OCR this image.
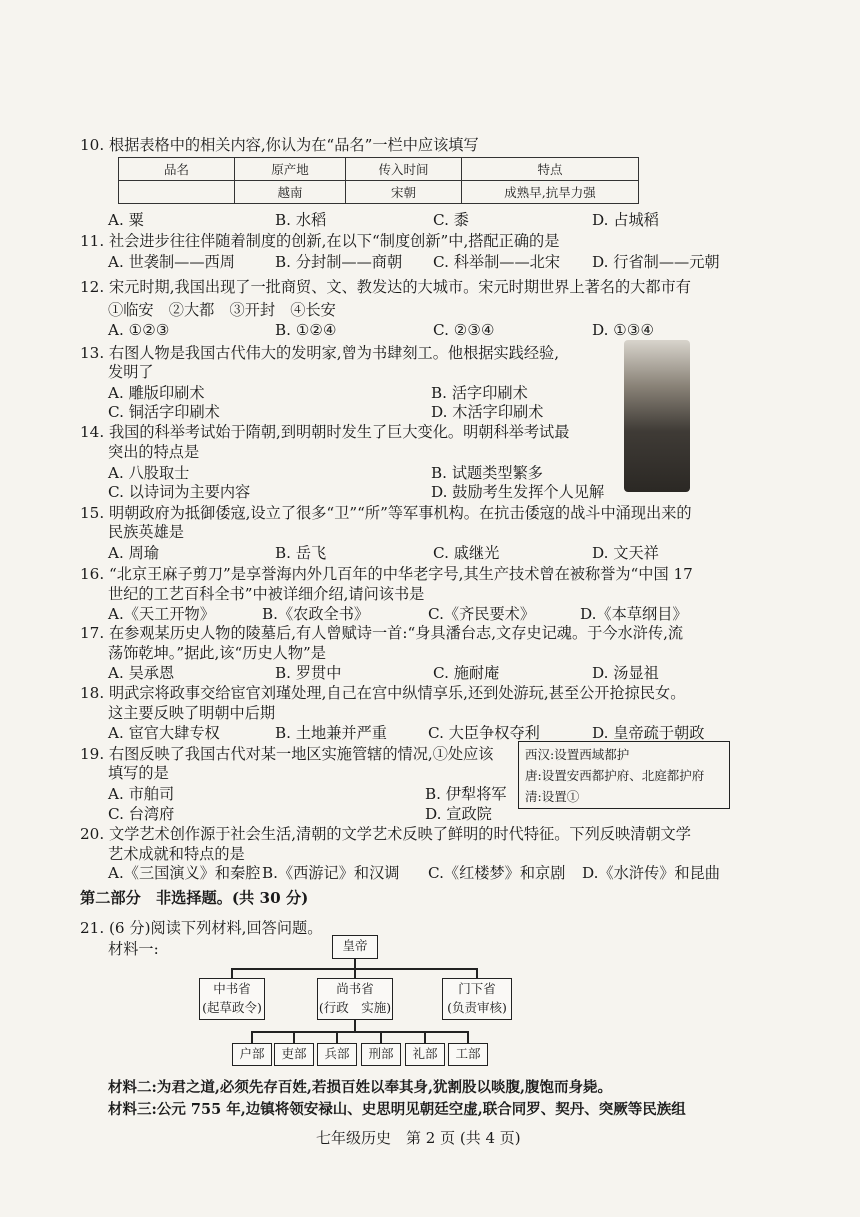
10. 根据表格中的相关内容,你认为在“品名”一栏中应该填写
品名	原产地	传入时间	特点
	越南	宋朝	成熟早,抗旱力强
A. 粟	B. 水稻	C. 黍	D. 占城稻
11. 社会进步往往伴随着制度的创新,在以下“制度创新”中,搭配正确的是
A. 世袭制——西周	B. 分封制——商朝 C. 科举制——北宋 D. 行省制——元朝
12. 宋元时期,我国出现了一批商贸、文、教发达的大城市。宋元时期世界上著名的大都市有
①临安　②大都　③开封　④长安
A. ①②③	B. ①②④	C. ②③④	D. ①③④
13. 右图人物是我国古代伟大的发明家,曾为书肆刻工。他根据实践经验,
发明了
A. 雕版印刷术	B. 活字印刷术
C. 铜活字印刷术	D. 木活字印刷术
14. 我国的科举考试始于隋朝,到明朝时发生了巨大变化。明朝科举考试最
突出的特点是
A. 八股取士	B. 试题类型繁多
C. 以诗词为主要内容	D. 鼓励考生发挥个人见解
15. 明朝政府为抵御倭寇,设立了很多“卫”“所”等军事机构。在抗击倭寇的战斗中涌现出来的
民族英雄是
A. 周瑜	B. 岳飞	C. 戚继光	D. 文天祥
16. “北京王麻子剪刀”是享誉海内外几百年的中华老字号,其生产技术曾在被称誉为“中国 17
世纪的工艺百科全书”中被详细介绍,请问该书是
A.《天工开物》	B.《农政全书》	C.《齐民要术》	D.《本草纲目》
17. 在参观某历史人物的陵墓后,有人曾赋诗一首:“身具潘台志,文存史记魂。于今水浒传,流
荡饰乾坤。”据此,该“历史人物”是
A. 吴承恩	B. 罗贯中	C. 施耐庵	D. 汤显祖
18. 明武宗将政事交给宦官刘瑾处理,自己在宫中纵情享乐,还到处游玩,甚至公开抢掠民女。
这主要反映了明朝中后期
A. 宦官大肆专权	B. 土地兼并严重	C. 大臣争权夺利	D. 皇帝疏于朝政
19. 右图反映了我国古代对某一地区实施管辖的情况,①处应该
填写的是
西汉:设置西域都护
唐:设置安西都护府、北庭都护府
清:设置①
A. 市舶司	B. 伊犁将军
C. 台湾府	D. 宣政院
20. 文学艺术创作源于社会生活,清朝的文学艺术反映了鲜明的时代特征。下列反映清朝文学
艺术成就和特点的是
A.《三国演义》和秦腔 B.《西游记》和汉调 C.《红楼梦》和京剧 D.《水浒传》和昆曲
第二部分　非选择题。(共 30 分)
21. (6 分)阅读下列材料,回答问题。
材料一:	皇帝
中书省
(起草政令)
尚书省
(行政　实施)
门下省
(负责审核)
户部	吏部	兵部	刑部	礼部	工部
材料二:为君之道,必须先存百姓,若损百姓以奉其身,犹割股以啖腹,腹饱而身毙。
材料三:公元 755 年,边镇将领安禄山、史思明见朝廷空虚,联合同罗、契丹、突厥等民族组
七年级历史　第 2 页 (共 4 页)
